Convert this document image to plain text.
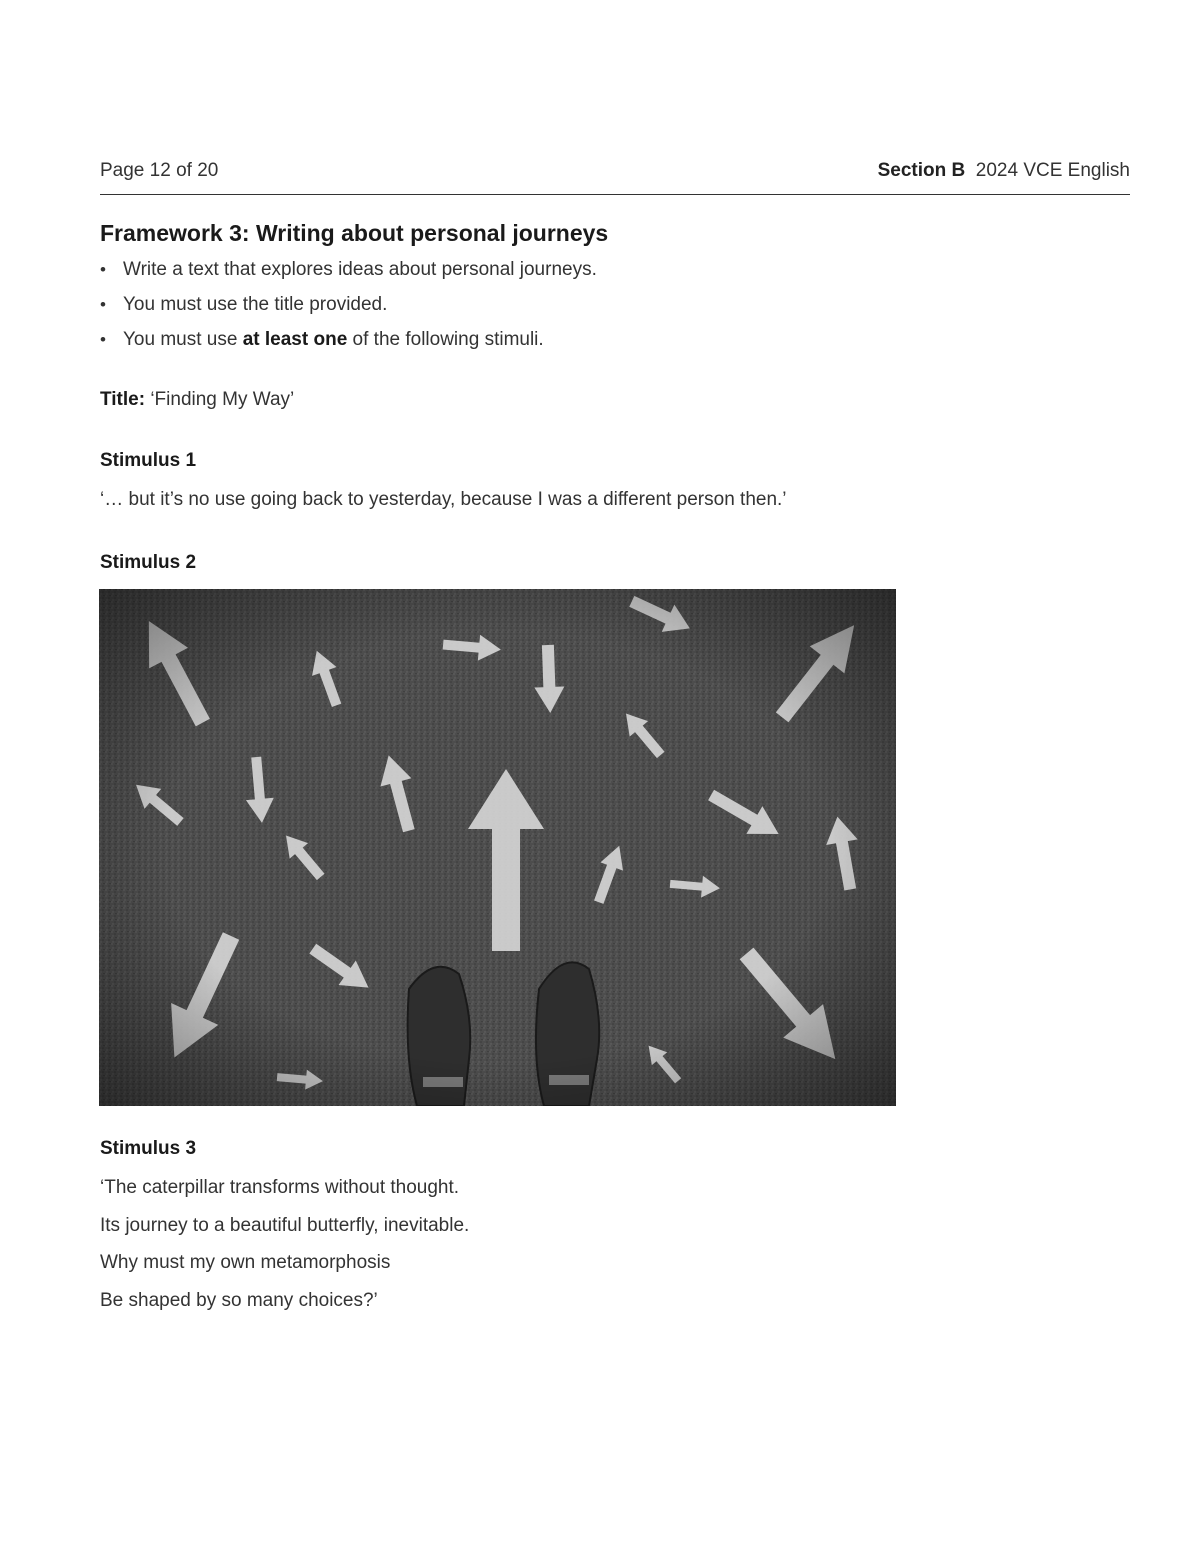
Page 12 of 20	Section B 2024 VCE English
Framework 3: Writing about personal journeys
• Write a text that explores ideas about personal journeys.
• You must use the title provided.
• You must use at least one of the following stimuli.
Title: ‘Finding My Way’
Stimulus 1
‘… but it’s no use going back to yesterday, because I was a different person then.’
Stimulus 2
Stimulus 3
‘The caterpillar transforms without thought.
Its journey to a beautiful butterfly, inevitable.
Why must my own metamorphosis
Be shaped by so many choices?’
